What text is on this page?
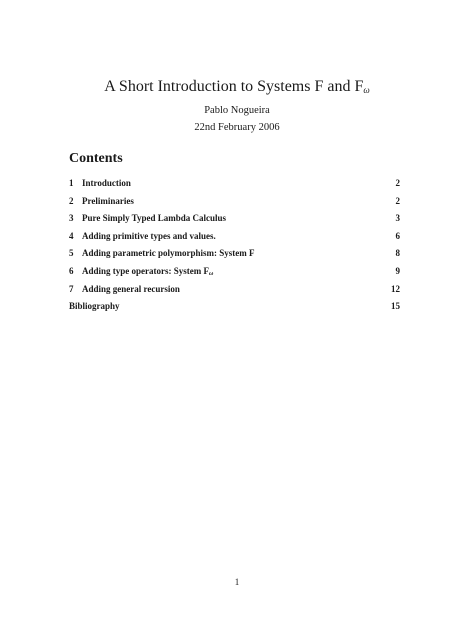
A Short Introduction to Systems F and $F_\omega$
Pablo Nogueira
22nd February 2006
Contents
1 Introduction	2
2 Preliminaries	2
3 Pure Simply Typed Lambda Calculus	3
4 Adding primitive types and values.	6
5 Adding parametric polymorphism: System F	8
6 Adding type operators: System $F_\omega$	9
7 Adding general recursion	12
Bibliography	15
1
